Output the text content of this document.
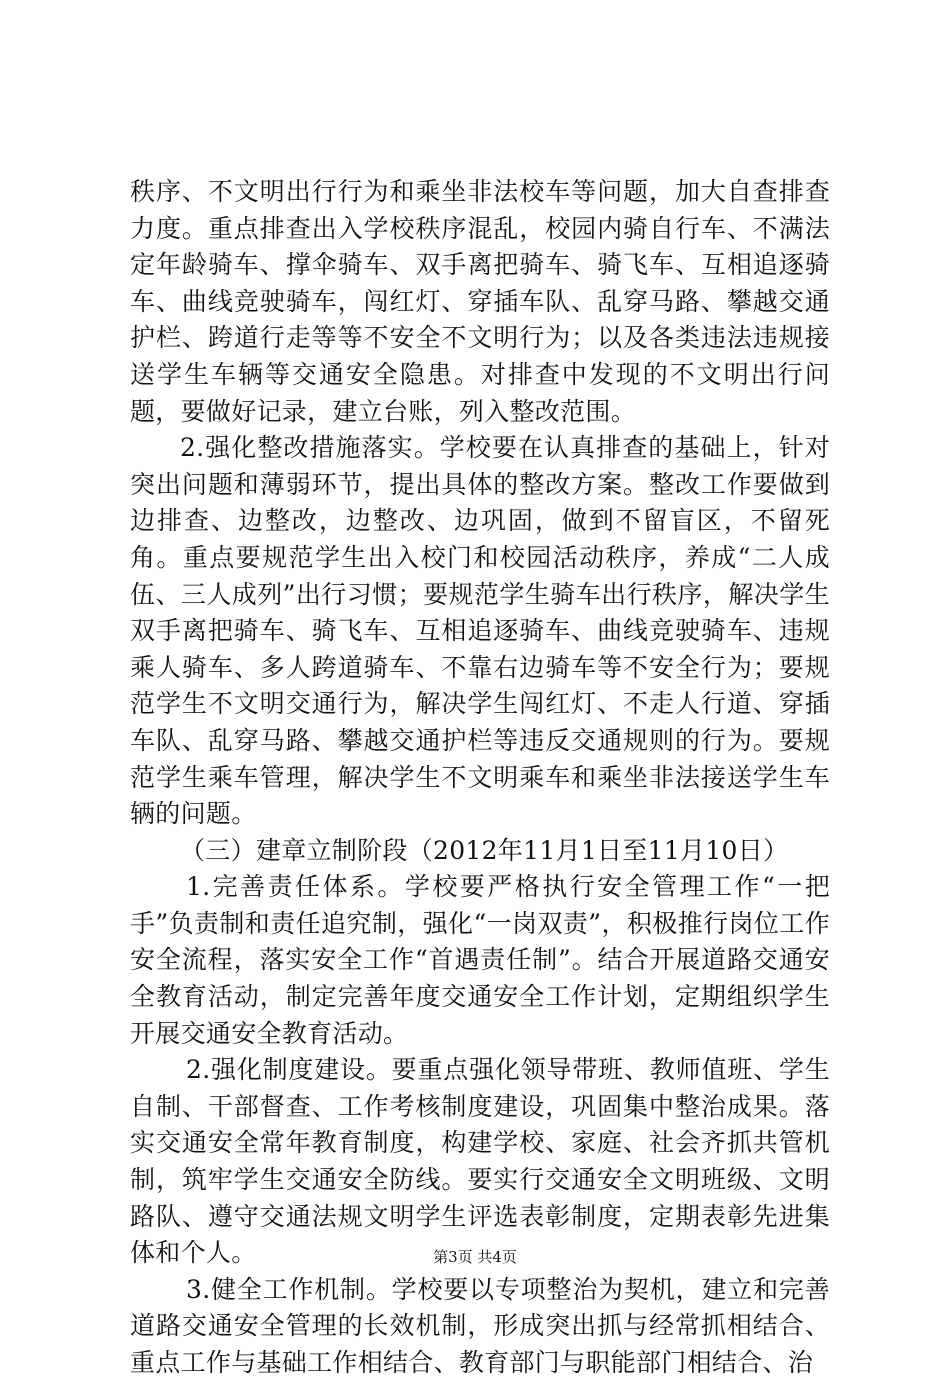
秩序、不文明出行行为和乘坐非法校车等问题，加大自查排查力度。重点排查出入学校秩序混乱，校园内骑自行车、不满法定年龄骑车、撑伞骑车、双手离把骑车、骑飞车、互相追逐骑车、曲线竞驶骑车，闯红灯、穿插车队、乱穿马路、攀越交通护栏、跨道行走等等不安全不文明行为；以及各类违法违规接送学生车辆等交通安全隐患。对排查中发现的不文明出行问题，要做好记录，建立台账，列入整改范围。

2.强化整改措施落实。学校要在认真排查的基础上，针对突出问题和薄弱环节，提出具体的整改方案。整改工作要做到边排查、边整改，边整改、边巩固，做到不留盲区，不留死角。重点要规范学生出入校门和校园活动秩序，养成“二人成伍、三人成列”出行习惯；要规范学生骑车出行秩序，解决学生双手离把骑车、骑飞车、互相追逐骑车、曲线竞驶骑车、违规乘人骑车、多人跨道骑车、不靠右边骑车等不安全行为；要规范学生不文明交通行为，解决学生闯红灯、不走人行道、穿插车队、乱穿马路、攀越交通护栏等违反交通规则的行为。要规范学生乘车管理，解决学生不文明乘车和乘坐非法接送学生车辆的问题。

（三）建章立制阶段（2012年11月1日至11月10日）

1.完善责任体系。学校要严格执行安全管理工作“一把手”负责制和责任追究制，强化“一岗双责”，积极推行岗位工作安全流程，落实安全工作“首遇责任制”。结合开展道路交通安全教育活动，制定完善年度交通安全工作计划，定期组织学生开展交通安全教育活动。

2.强化制度建设。要重点强化领导带班、教师值班、学生自制、干部督查、工作考核制度建设，巩固集中整治成果。落实交通安全常年教育制度，构建学校、家庭、社会齐抓共管机制，筑牢学生交通安全防线。要实行交通安全文明班级、文明路队、遵守交通法规文明学生评选表彰制度，定期表彰先进集体和个人。

3.健全工作机制。学校要以专项整治为契机，建立和完善道路交通安全管理的长效机制，形成突出抓与经常抓相结合、重点工作与基础工作相结合、教育部门与职能部门相结合、治

第3页 共4页
